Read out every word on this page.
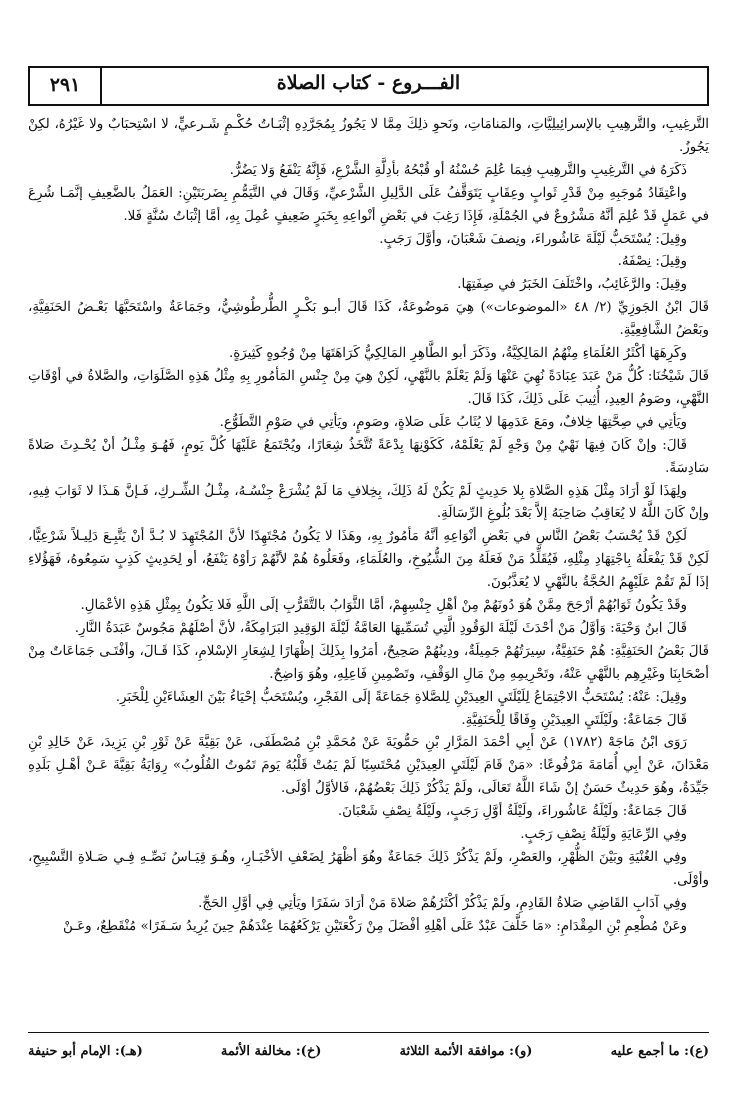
الفـــروع - كتاب الصلاة
٢٩١

التَّرغِيبِ، والتَّرهِيبِ بالإسرائِيلِيَّاتِ، والمَنامَاتِ، ونَحوِ ذلِكَ مِمَّا لا يَجُوزُ بِمُجَرَّدِهِ إثْبَـاتُ حُكْـمٍ شَـرعيٍّ، لا اسْتِحبَابٌ ولا غَيْرُهُ، لكِنْ يَجُوزُ.

ذَكَرَهُ في التَّرغِيبِ والتَّرهِيبِ فِيمَا عُلِمَ حُسْنُهُ أو قُبْحُهُ بأدِلَّةِ الشَّرْعِ، فَإِنَّهُ يَنْفَعُ وَلا يَضُرُّ.

واعْتِقَادُ مُوجَبِهِ مِنْ قَدْرِ ثَوابٍ وعِقَابٍ يَتَوَقَّفُ عَلَى الدَّلِيلِ الشَّرْعيِّ، وَقَالَ في التَّيَمُّمِ بِضَربَتَيْنِ: العَمَلُ بالضَّعِيفِ إنَّمَـا شُرِعَ في عَمَلٍ قَدْ عُلِمَ أنَّهُ مَشْرُوعٌ في الجُمْلَةِ، فَإِذَا رَغِبَ في بَعْضِ أنْواعِهِ بِخَبَرٍ ضَعِيفٍ عُمِلَ بِهِ، أمَّا إثْبَاتُ سُنَّةٍ فَلا.

وقِيلَ: يُسْتَحَبُّ لَيْلَةَ عَاشُوراءَ، ونِصفَ شَعْبَانَ، وأوَّلَ رَجَبٍ.

وقِيلَ: نِصْفَهُ.

وقِيلَ: والرَّغَائِبُ، واخْتَلَفَ الخَبَرُ في صِفَتِهَا.

قَالَ ابْنُ الجَوزِيِّ (٢/ ٤٨ «الموضوعات») هِيَ مَوضُوعَةٌ، كَذَا قَالَ أبـو بَكْـرٍ الطُّرطُوشِيُّ، وجَمَاعَةٌ واسْتَحَبَّهَا بَعْـضُ الحَنَفِيَّةِ، وبَعْضُ الشَّافِعِيَّةِ.

وكَرِهَهَا أكْثَرُ العُلَمَاءِ مِنْهُمُ المَالِكِيَّةُ، وذَكَرَ أبو الطَّاهِرِ المَالِكِيُّ كَرَاهَتَهَا مِنْ وُجُوهٍ كَثِيرَةٍ.

قَالَ شَيْخُنَا: كُلُّ مَنْ عَبَدَ عِبَادَةً نُهِيَ عَنْهَا وَلَمْ يَعْلَمْ بالنَّهْيِ، لَكِنْ هِيَ مِنْ جِنْسِ المَأمُورِ بِهِ مِثْلُ هَذِهِ الصَّلَوَاتِ، والصَّلاةُ في أوْقَاتِ النَّهْيِ، وصَومُ العِيدِ، أُثِيبَ عَلَى ذَلِكَ، كَذَا قَالَ.

ويَأتِي في صِحَّتِهَا خِلافٌ، ومَعَ عَدَمِهَا لا يُثَابُ عَلَى صَلاةٍ، وصَومٍ، ويَأتِي في صَوْمِ التَّطَوُّعِ.

قَالَ: وإنْ كَانَ فِيهَا نَهْيٌ مِنْ وَجْهٍ لَمْ يَعْلَمْهُ، كَكَوْنِهَا بِدْعَةً تُتَّخَذُ شِعَارًا، ويُجْتَمَعُ عَلَيْهَا كُلَّ يَومٍ، فَهُـوَ مِثْـلُ أنْ يُحْـدِثَ صَلاةً سَادِسَةً.

ولِهَذَا لَوْ أرَادَ مِثْلَ هَذِهِ الصَّلاةِ بِلا حَدِيثٍ لَمْ يَكُنْ لَهُ ذَلِكَ، بِخِلافِ مَا لَمْ يُشْرَعْ جِنْسُـهُ، مِثْـلُ الشِّـركِ، فَـإنَّ هَـذَا لا ثَوَابَ فِيهِ، وإنْ كَانَ اللَّهُ لا يُعَاقِبُ صَاحِبَهُ إلاَّ بَعْدَ بُلُوغِ الرِّسَالَةِ.

لَكِنْ قَدْ يُحْسَبُ بَعْضُ النَّاسِ في بَعْضِ أنْوَاعِهِ أنَّهُ مَأمُورٌ بِهِ، وهَذَا لا يَكُونُ مُجْتَهِدًا لأنَّ المُجْتَهِدَ لا بُـدَّ أنْ يَتَّبِـعَ دَلِيـلاً شَرْعِيًّا، لَكِنْ قَدْ يَفْعَلُهُ بِاجْتِهَادِ مِثْلِهِ، فَيُقَلِّدُ مَنْ فَعَلَهُ مِنَ الشُّيُوخِ، والعُلَمَاءِ، وفَعَلُوهُ هُمْ لأنَّهُمْ رَأوْهُ يَنْفَعُ، أو لِحَدِيثٍ كَذِبٍ سَمِعُوهُ، فَهَؤُلاءِ إذَا لَمْ تَقُمْ عَلَيْهِمُ الحُجَّةُ بالنَّهْيِ لا يُعَذَّبُونَ.

وقَدْ يَكُونُ ثَوَابُهُمْ أرْجَحَ مِمَّنْ هُوَ دُونَهُمْ مِنْ أهْلِ جِنْسِهِمْ، أمَّا الثَّوَابُ بالتَّقَرُّبِ إلَى اللَّهِ فَلا يَكُونُ بِمِثْلِ هَذِهِ الأعْمَالِ.

قَالَ ابنُ وَحْيَةَ: وَأوَّلُ مَنْ أحْدَثَ لَيْلَةَ الوَقُودِ الَّتِي تُسَمِّيهَا العَامَّةُ لَيْلَةَ الوَقِيدِ البَرَامِكَةُ، لأنَّ أصْلَهُمْ مَجُوسٌ عَبَدَةُ النَّارِ.

قَالَ بَعْضُ الحَنَفِيَّةِ: هُمْ حَنَفِيَّةٌ، سِيرَتُهُمْ جَمِيلَةٌ، ودِينُهُمْ صَحِيحٌ، أمَرُوا بِذَلِكَ إظْهَارًا لِشِعَارِ الإسْلامِ، كَذَا قَـالَ، وأفْتَـى جَمَاعَاتٌ مِنْ أصْحَابِنَا وغَيْرِهِم بالنَّهْيِ عَنْهُ، وتَحْرِيمِهِ مِنْ مَالِ الوَقْفِ، وتَضْمِينِ فَاعِلِهِ، وهُوَ وَاضِحٌ.

وقِيلَ: عَنْهُ: يُسْتَحَبُّ الاجْتِمَاعُ لِلَيْلَتَيِ العِيدَيْنِ لِلصَّلاةِ جَمَاعَةً إلَى الفَجْرِ، ويُسْتَحَبُّ إحْيَاءُ بَيْنَ العِشَاءَيْنِ لِلْخَبَرِ.

قَالَ جَمَاعَةٌ: ولَيْلَتَيِ العِيدَيْنِ وِفَاقًا لِلْحَنَفِيَّةِ.

رَوَى ابْنُ مَاجَهْ (١٧٨٢) عَنْ أبِي أحْمَدَ المَرَّارِ بْنِ حَمُّويَةَ عَنْ مُحَمَّدِ بْنِ مُصْطَفَى، عَنْ بَقِيَّةَ عَنْ ثَوْرِ بْنِ يَزِيدَ، عَنْ خَالِدِ بْنِ مَعْدَانَ، عَنْ أبِي أُمَامَةَ مَرْفُوعًا: «مَنْ قَامَ لَيْلَتَيِ العِيدَيْنِ مُحْتَسِبًا لَمْ يَمُتْ قَلْبُهُ يَومَ تَمُوتُ القُلُوبُ» رِوَايَةُ بَقِيَّةَ عَـنْ أهْـلِ بَلَدِهِ جَيِّدَةٌ، وهُوَ حَدِيثٌ حَسَنٌ إنْ شَاءَ اللَّهُ تَعَالَى، ولَمْ يَذْكُرْ ذَلِكَ بَعْضُهُمْ، فَالأوَّلُ أوْلَى.

قَالَ جَمَاعَةٌ: ولَيْلَةُ عَاشُوراءَ، ولَيْلَةُ أوَّلِ رَجَبٍ، ولَيْلَةُ نِصْفِ شَعْبَانَ.

وفِي الرِّعَايَةِ ولَيْلَةُ نِصْفِ رَجَبٍ.

وفِي الغُنْيَةِ وبَيْنَ الظُّهْرِ، والعَصْرِ، ولَمْ يَذْكُرْ ذَلِكَ جَمَاعَةٌ وهُوَ أظْهَرُ لِضَعْفِ الأخْبَـارِ، وهُـوَ قِيَـاسُ نَصِّـهِ فِـي صَـلاةِ التَّسْبِيحِ، وأوْلَى.

وفِي آدَابِ القَاضِي صَلاةُ القَادِمِ، ولَمْ يَذْكُرْ أكْثَرُهُمْ صَلاةَ مَنْ أرَادَ سَفَرًا ويَأتِي فِي أوَّلِ الحَجِّ.

وعَنْ مُطْعِمِ بْنِ المِقْدَامِ: «مَا خَلَّفَ عَبْدٌ عَلَى أهْلِهِ أفْضَلَ مِنْ رَكْعَتَيْنِ يَرْكَعُهُمَا عِنْدَهُمْ حِينَ يُرِيدُ سَـفَرًا» مُنْقَطِعٌ، وعَـنْ

(ع): ما أجمع عليه
(و): موافقة الأئمة الثلاثة
(خ): مخالفة الأئمة
(هـ): الإمام أبو حنيفة
